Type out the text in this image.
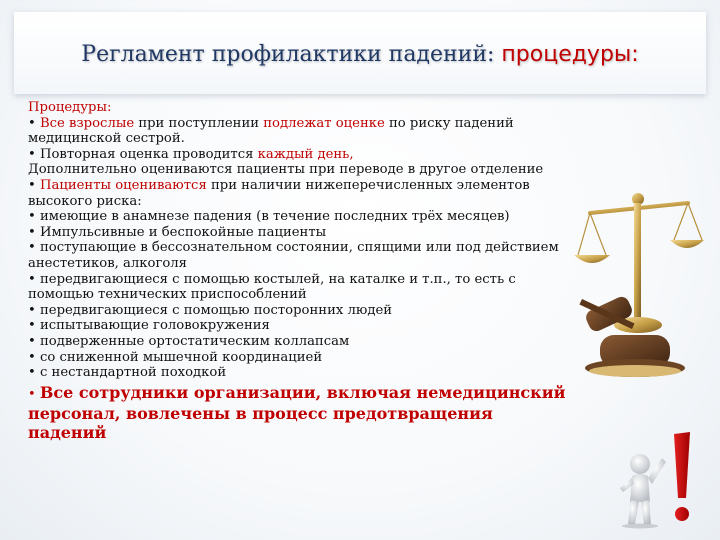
Регламент профилактики падений: процедуры:

Процедуры:

• Все взрослые при поступлении подлежат оценке по риску падений медицинской сестрой.

• Повторная оценка проводится каждый день,

Дополнительно оцениваются пациенты при переводе в другое отделение

• Пациенты оцениваются при наличии нижеперечисленных элементов высокого риска:

• имеющие в анамнезе падения (в течение последних трёх месяцев)

• Импульсивные и беспокойные пациенты

• поступающие в бессознательном состоянии, спящими или под действием анестетиков, алкоголя

• передвигающиеся с помощью костылей, на каталке и т.п., то есть с помощью технических приспособлений

• передвигающиеся с помощью посторонних людей

• испытывающие головокружения

• подверженные ортостатическим коллапсам

• со сниженной мышечной координацией

• с нестандартной походкой

• Все сотрудники организации, включая немедицинский персонал, вовлечены в процесс предотвращения падений
